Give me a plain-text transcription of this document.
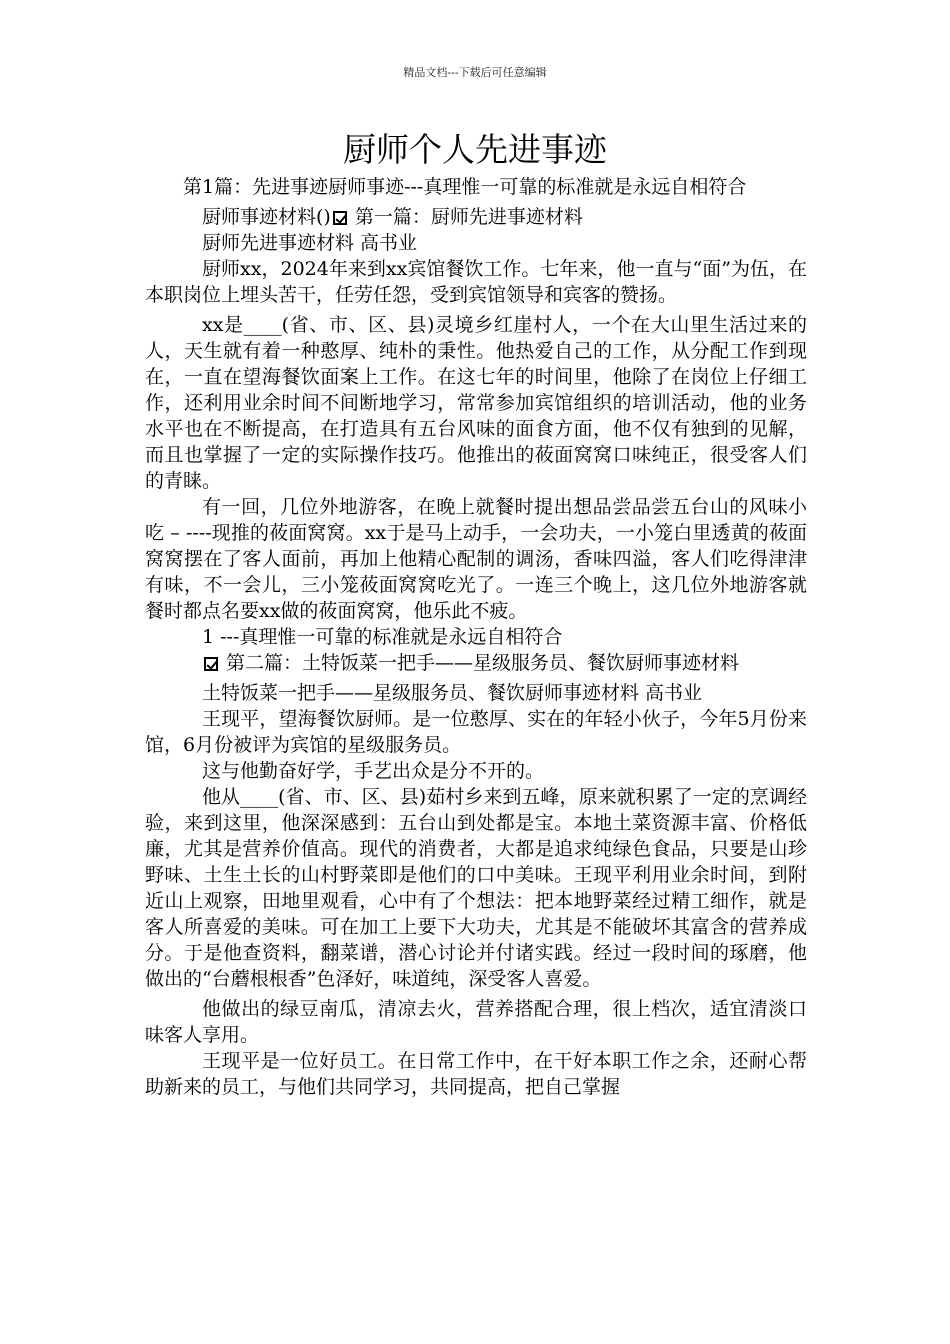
精品文档---下载后可任意编辑
厨师个人先进事迹

第1篇：先进事迹厨师事迹---真理惟一可靠的标准就是永远自相符合

厨师事迹材料() 第一篇：厨师先进事迹材料

厨师先进事迹材料 高书业

厨师xx，2024年来到xx宾馆餐饮工作。七年来，他一直与“面”为伍，在本职岗位上埋头苦干，任劳任怨，受到宾馆领导和宾客的赞扬。

xx是____(省、市、区、县)灵境乡红崖村人，一个在大山里生活过来的人，天生就有着一种憨厚、纯朴的秉性。他热爱自己的工作，从分配工作到现在，一直在望海餐饮面案上工作。在这七年的时间里，他除了在岗位上仔细工作，还利用业余时间不间断地学习，常常参加宾馆组织的培训活动，他的业务水平也在不断提高，在打造具有五台风味的面食方面，他不仅有独到的见解，而且也掌握了一定的实际操作技巧。他推出的莜面窝窝口味纯正，很受客人们的青睐。

有一回，几位外地游客，在晚上就餐时提出想品尝品尝五台山的风味小吃 – ----现推的莜面窝窝。xx于是马上动手，一会功夫，一小笼白里透黄的莜面窝窝摆在了客人面前，再加上他精心配制的调汤，香味四溢，客人们吃得津津有味，不一会儿，三小笼莜面窝窝吃光了。一连三个晚上，这几位外地游客就餐时都点名要xx做的莜面窝窝，他乐此不疲。

1 ---真理惟一可靠的标准就是永远自相符合

第二篇：土特饭菜一把手——星级服务员、餐饮厨师事迹材料

土特饭菜一把手——星级服务员、餐饮厨师事迹材料 高书业

王现平，望海餐饮厨师。是一位憨厚、实在的年轻小伙子，今年5月份来馆，6月份被评为宾馆的星级服务员。

这与他勤奋好学，手艺出众是分不开的。

他从____(省、市、区、县)茹村乡来到五峰，原来就积累了一定的烹调经验，来到这里，他深深感到：五台山到处都是宝。本地土菜资源丰富、价格低廉，尤其是营养价值高。现代的消费者，大都是追求纯绿色食品，只要是山珍野味、土生土长的山村野菜即是他们的口中美味。王现平利用业余时间，到附近山上观察，田地里观看，心中有了个想法：把本地野菜经过精工细作，就是客人所喜爱的美味。可在加工上要下大功夫，尤其是不能破坏其富含的营养成分。于是他查资料，翻菜谱，潜心讨论并付诸实践。经过一段时间的琢磨，他做出的“台蘑根根香”色泽好，味道纯，深受客人喜爱。

他做出的绿豆南瓜，清凉去火，营养搭配合理，很上档次，适宜清淡口味客人享用。

王现平是一位好员工。在日常工作中，在干好本职工作之余，还耐心帮助新来的员工，与他们共同学习，共同提高，把自己掌握
